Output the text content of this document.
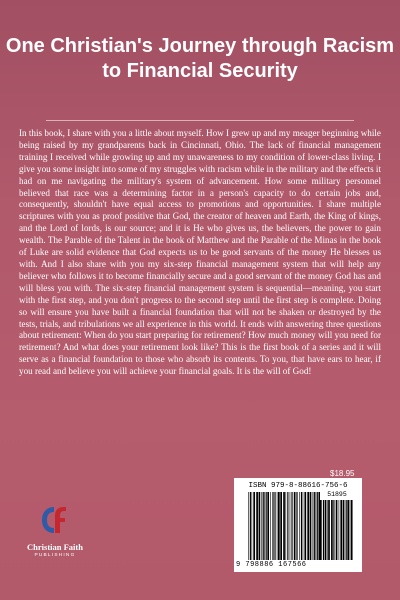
One Christian's Journey through Racism to Financial Security
In this book, I share with you a little about myself. How I grew up and my meager beginning while being raised by my grandparents back in Cincinnati, Ohio. The lack of financial management training I received while growing up and my unawareness to my condition of lower-class living. I give you some insight into some of my struggles with racism while in the military and the effects it had on me navigating the military's system of advancement. How some military personnel believed that race was a determining factor in a person's capacity to do certain jobs and, consequently, shouldn't have equal access to promotions and opportunities. I share multiple scriptures with you as proof positive that God, the creator of heaven and Earth, the King of kings, and the Lord of lords, is our source; and it is He who gives us, the believers, the power to gain wealth. The Parable of the Talent in the book of Matthew and the Parable of the Minas in the book of Luke are solid evidence that God expects us to be good servants of the money He blesses us with. And I also share with you my six-step financial management system that will help any believer who follows it to become financially secure and a good servant of the money God has and will bless you with. The six-step financial management system is sequential—meaning, you start with the first step, and you don't progress to the second step until the first step is complete. Doing so will ensure you have built a financial foundation that will not be shaken or destroyed by the tests, trials, and tribulations we all experience in this world. It ends with answering three questions about retirement: When do you start preparing for retirement? How much money will you need for retirement? And what does your retirement look like? This is the first book of a series and it will serve as a financial foundation to those who absorb its contents. To you, that have ears to hear, if you read and believe you will achieve your financial goals. It is the will of God!
$18.95
ISBN 979-8-88616-756-6
51895
9 798886 167566
Christian Faith
PUBLISHING
